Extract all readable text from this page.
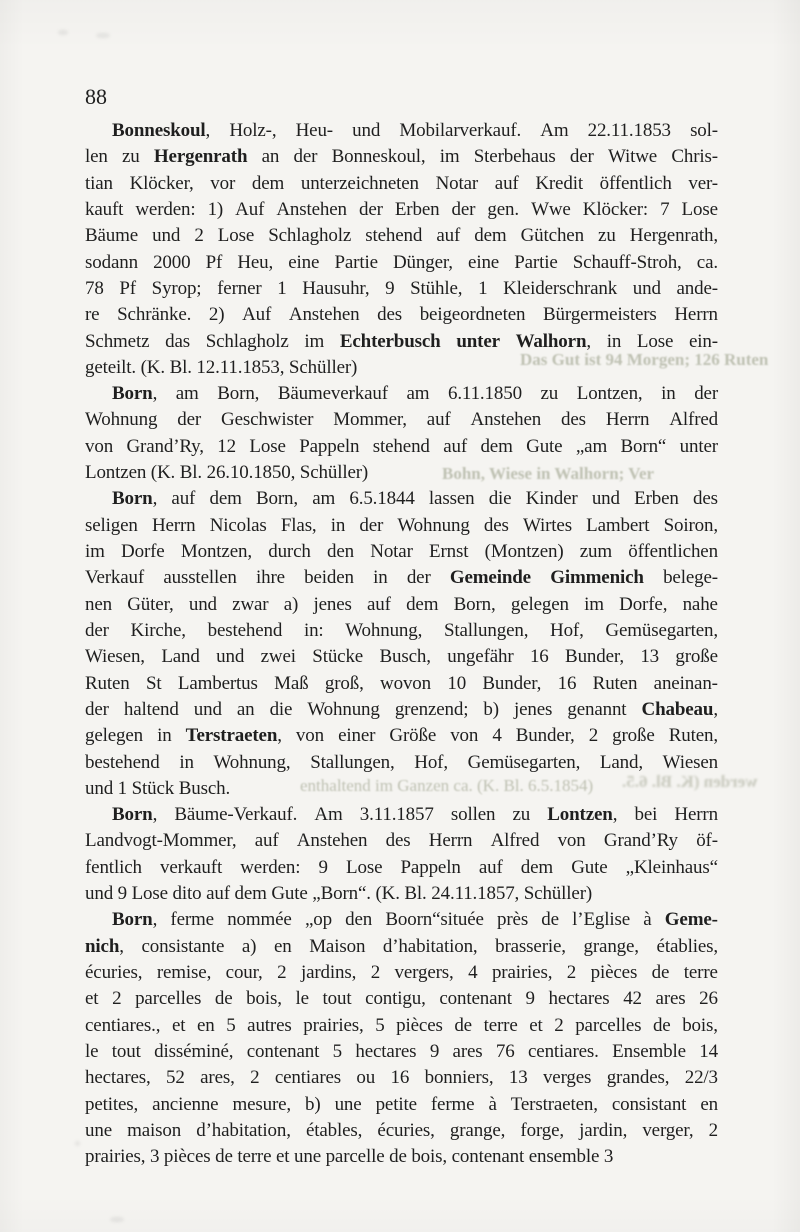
88
Bonneskoul, Holz-, Heu- und Mobilarverkauf. Am 22.11.1853 sol-
len zu Hergenrath an der Bonneskoul, im Sterbehaus der Witwe Chris-
tian Klöcker, vor dem unterzeichneten Notar auf Kredit öffentlich ver-
kauft werden: 1) Auf Anstehen der Erben der gen. Wwe Klöcker: 7 Lose
Bäume und 2 Lose Schlagholz stehend auf dem Gütchen zu Hergenrath,
sodann 2000 Pf Heu, eine Partie Dünger, eine Partie Schauff-Stroh, ca.
78 Pf Syrop; ferner 1 Hausuhr, 9 Stühle, 1 Kleiderschrank und ande-
re Schränke. 2) Auf Anstehen des beigeordneten Bürgermeisters Herrn
Schmetz das Schlagholz im Echterbusch unter Walhorn, in Lose ein-
geteilt. (K. Bl. 12.11.1853, Schüller)
Born, am Born, Bäumeverkauf am 6.11.1850 zu Lontzen, in der
Wohnung der Geschwister Mommer, auf Anstehen des Herrn Alfred
von Grand’Ry, 12 Lose Pappeln stehend auf dem Gute „am Born“ unter
Lontzen (K. Bl. 26.10.1850, Schüller)
Born, auf dem Born, am 6.5.1844 lassen die Kinder und Erben des
seligen Herrn Nicolas Flas, in der Wohnung des Wirtes Lambert Soiron,
im Dorfe Montzen, durch den Notar Ernst (Montzen) zum öffentlichen
Verkauf ausstellen ihre beiden in der Gemeinde Gimmenich belege-
nen Güter, und zwar a) jenes auf dem Born, gelegen im Dorfe, nahe
der Kirche, bestehend in: Wohnung, Stallungen, Hof, Gemüsegarten,
Wiesen, Land und zwei Stücke Busch, ungefähr 16 Bunder, 13 große
Ruten St Lambertus Maß groß, wovon 10 Bunder, 16 Ruten aneinan-
der haltend und an die Wohnung grenzend; b) jenes genannt Chabeau,
gelegen in Terstraeten, von einer Größe von 4 Bunder, 2 große Ruten,
bestehend in Wohnung, Stallungen, Hof, Gemüsegarten, Land, Wiesen
und 1 Stück Busch.
Born, Bäume-Verkauf. Am 3.11.1857 sollen zu Lontzen, bei Herrn
Landvogt-Mommer, auf Anstehen des Herrn Alfred von Grand’Ry öf-
fentlich verkauft werden: 9 Lose Pappeln auf dem Gute „Kleinhaus“
und 9 Lose dito auf dem Gute „Born“. (K. Bl. 24.11.1857, Schüller)
Born, ferme nommée „op den Boorn“située près de l’Eglise à Geme-
nich, consistante a) en Maison d’habitation, brasserie, grange, établies,
écuries, remise, cour, 2 jardins, 2 vergers, 4 prairies, 2 pièces de terre
et 2 parcelles de bois, le tout contigu, contenant 9 hectares 42 ares 26
centiares., et en 5 autres prairies, 5 pièces de terre et 2 parcelles de bois,
le tout disséminé, contenant 5 hectares 9 ares 76 centiares. Ensemble 14
hectares, 52 ares, 2 centiares ou 16 bonniers, 13 verges grandes, 22/3
petites, ancienne mesure, b) une petite ferme à Terstraeten, consistant en
une maison d’habitation, étables, écuries, grange, forge, jardin, verger, 2
prairies, 3 pièces de terre et une parcelle de bois, contenant ensemble 3
Das Gut ist 94 Morgen; 126 Ruten
Bohn, Wiese in Walhorn; Ver
enthaltend im Ganzen ca. (K. Bl. 6.5.1854) werden (K. Bl. 6.5.
